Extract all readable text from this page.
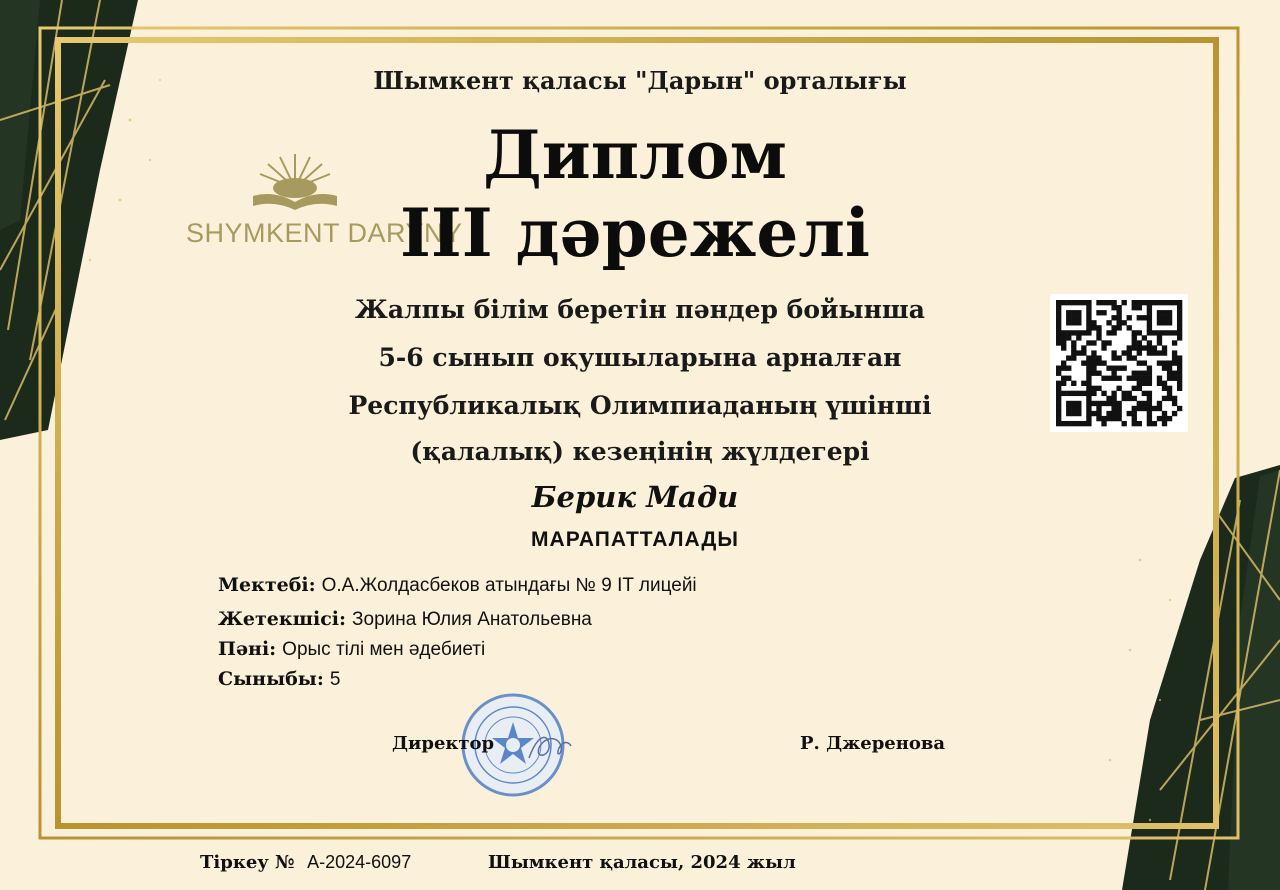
SHYMKENT DARYNY
Шымкент қаласы "Дарын" орталығы
Диплом
III дәрежелі
Жалпы білім беретін пәндер бойынша
5-6 сынып оқушыларына арналған
Республикалық Олимпиаданың үшінші
(қалалық) кезеңінің жүлдегері
Берик Мади
МАРАПАТТАЛАДЫ
Мектебі: О.А.Жолдасбеков атындағы № 9 IT лицейі
Жетекшісі: Зорина Юлия Анатольевна
Пәні: Орыс тілі мен әдебиеті
Сыныбы: 5
Директор	Р. Джеренова
Тіркеу № А-2024-6097	Шымкент қаласы, 2024 жыл
